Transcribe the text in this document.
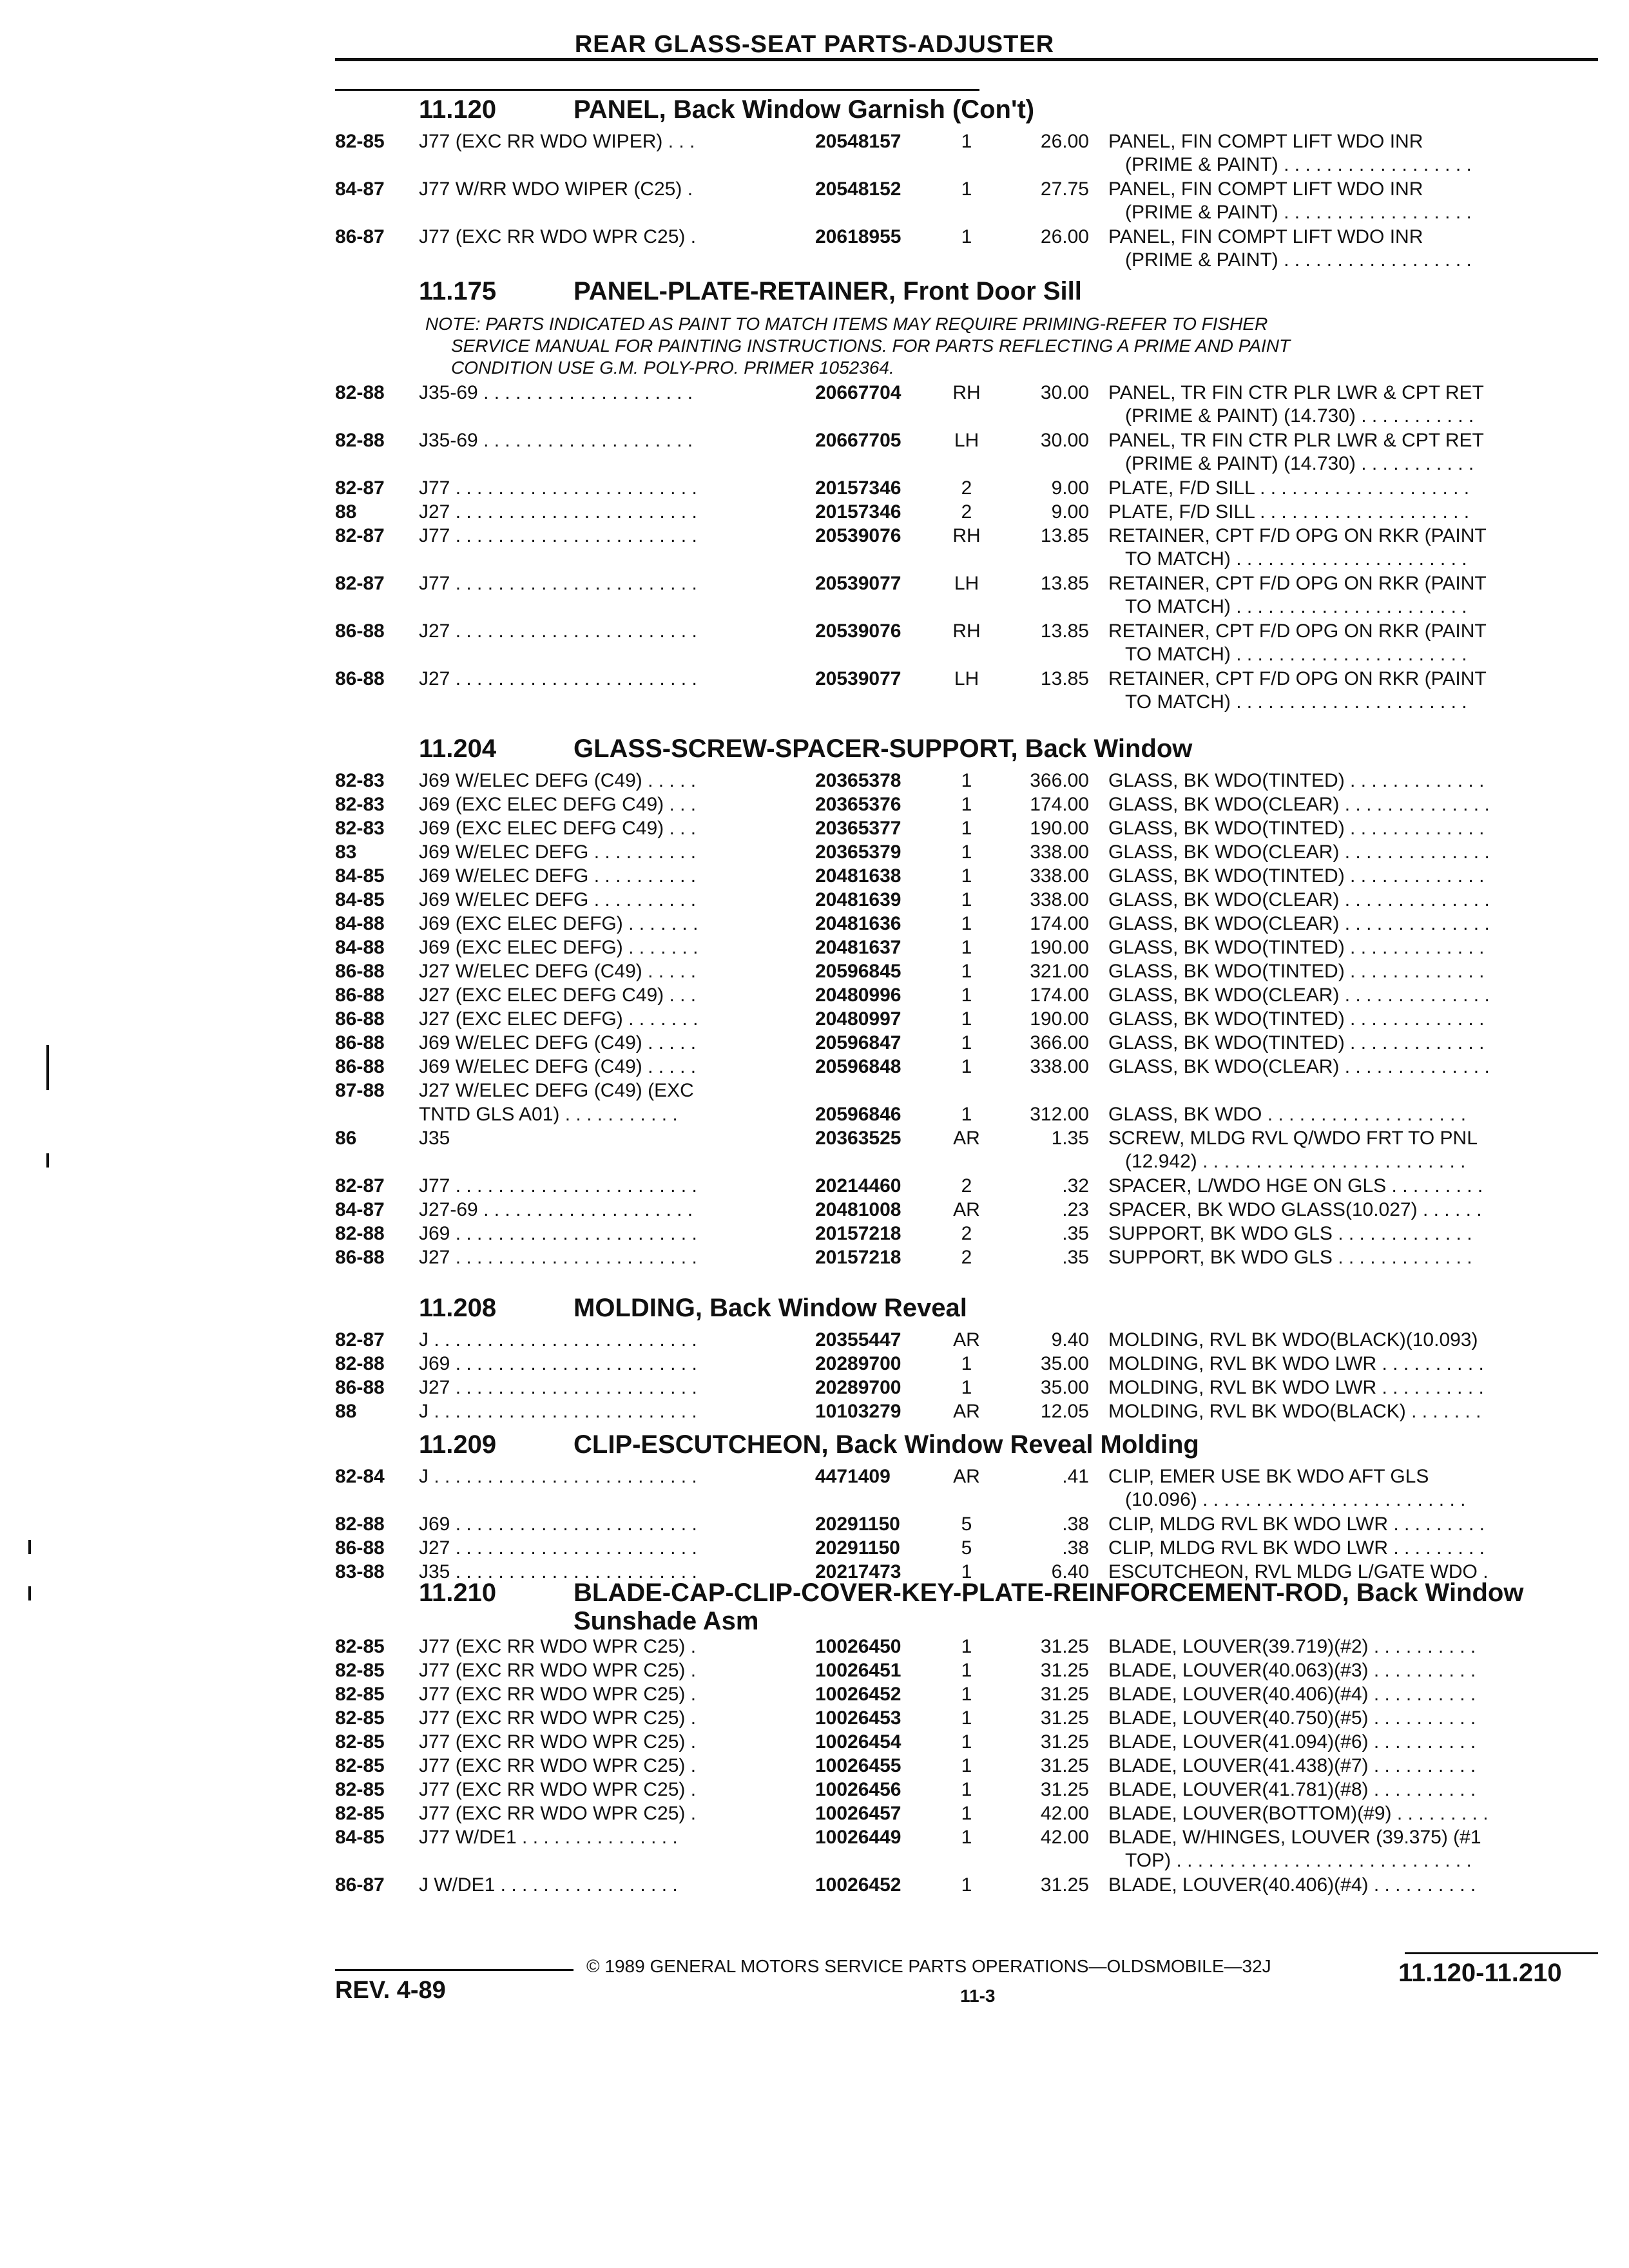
REAR GLASS-SEAT PARTS-ADJUSTER
11.120	PANEL, Back Window Garnish (Con't)
82-85	J77 (EXC RR WDO WIPER) . . .	20548157	1	26.00 PANEL, FIN COMPT LIFT WDO INR
(PRIME & PAINT) . . . . . . . . . . . . . . . . . .
84-87	J77 W/RR WDO WIPER (C25) .	20548152	1	27.75 PANEL, FIN COMPT LIFT WDO INR
(PRIME & PAINT) . . . . . . . . . . . . . . . . . .
86-87	J77 (EXC RR WDO WPR C25) .	20618955	1	26.00 PANEL, FIN COMPT LIFT WDO INR
(PRIME & PAINT) . . . . . . . . . . . . . . . . . .
11.175	PANEL-PLATE-RETAINER, Front Door Sill
NOTE: PARTS INDICATED AS PAINT TO MATCH ITEMS MAY REQUIRE PRIMING-REFER TO FISHER
SERVICE MANUAL FOR PAINTING INSTRUCTIONS. FOR PARTS REFLECTING A PRIME AND PAINT
CONDITION USE G.M. POLY-PRO. PRIMER 1052364.
82-88	J35-69 . . . . . . . . . . . . . . . . . . . .	20667704	RH	30.00 PANEL, TR FIN CTR PLR LWR & CPT RET
(PRIME & PAINT) (14.730) . . . . . . . . . . .
82-88	J35-69 . . . . . . . . . . . . . . . . . . . .	20667705	LH	30.00 PANEL, TR FIN CTR PLR LWR & CPT RET
(PRIME & PAINT) (14.730) . . . . . . . . . . .
82-87	J77 . . . . . . . . . . . . . . . . . . . . . . .	20157346	2	9.00 PLATE, F/D SILL . . . . . . . . . . . . . . . . . . . .
88	J27 . . . . . . . . . . . . . . . . . . . . . . .	20157346	2	9.00 PLATE, F/D SILL . . . . . . . . . . . . . . . . . . . .
82-87	J77 . . . . . . . . . . . . . . . . . . . . . . .	20539076	RH	13.85 RETAINER, CPT F/D OPG ON RKR (PAINT
TO MATCH) . . . . . . . . . . . . . . . . . . . . . .
82-87	J77 . . . . . . . . . . . . . . . . . . . . . . .	20539077	LH	13.85 RETAINER, CPT F/D OPG ON RKR (PAINT
TO MATCH) . . . . . . . . . . . . . . . . . . . . . .
86-88	J27 . . . . . . . . . . . . . . . . . . . . . . .	20539076	RH	13.85 RETAINER, CPT F/D OPG ON RKR (PAINT
TO MATCH) . . . . . . . . . . . . . . . . . . . . . .
86-88	J27 . . . . . . . . . . . . . . . . . . . . . . .	20539077	LH	13.85 RETAINER, CPT F/D OPG ON RKR (PAINT
TO MATCH) . . . . . . . . . . . . . . . . . . . . . .
11.204	GLASS-SCREW-SPACER-SUPPORT, Back Window
82-83	J69 W/ELEC DEFG (C49) . . . . .	20365378	1	366.00 GLASS, BK WDO(TINTED) . . . . . . . . . . . . .
82-83	J69 (EXC ELEC DEFG C49) . . .	20365376	1	174.00 GLASS, BK WDO(CLEAR) . . . . . . . . . . . . . .
82-83	J69 (EXC ELEC DEFG C49) . . .	20365377	1	190.00 GLASS, BK WDO(TINTED) . . . . . . . . . . . . .
83	J69 W/ELEC DEFG . . . . . . . . . .	20365379	1	338.00 GLASS, BK WDO(CLEAR) . . . . . . . . . . . . . .
84-85	J69 W/ELEC DEFG . . . . . . . . . .	20481638	1	338.00 GLASS, BK WDO(TINTED) . . . . . . . . . . . . .
84-85	J69 W/ELEC DEFG . . . . . . . . . .	20481639	1	338.00 GLASS, BK WDO(CLEAR) . . . . . . . . . . . . . .
84-88	J69 (EXC ELEC DEFG) . . . . . . .	20481636	1	174.00 GLASS, BK WDO(CLEAR) . . . . . . . . . . . . . .
84-88	J69 (EXC ELEC DEFG) . . . . . . .	20481637	1	190.00 GLASS, BK WDO(TINTED) . . . . . . . . . . . . .
86-88	J27 W/ELEC DEFG (C49) . . . . .	20596845	1	321.00 GLASS, BK WDO(TINTED) . . . . . . . . . . . . .
86-88	J27 (EXC ELEC DEFG C49) . . .	20480996	1	174.00 GLASS, BK WDO(CLEAR) . . . . . . . . . . . . . .
86-88	J27 (EXC ELEC DEFG) . . . . . . .	20480997	1	190.00 GLASS, BK WDO(TINTED) . . . . . . . . . . . . .
86-88	J69 W/ELEC DEFG (C49) . . . . .	20596847	1	366.00 GLASS, BK WDO(TINTED) . . . . . . . . . . . . .
86-88	J69 W/ELEC DEFG (C49) . . . . .	20596848	1	338.00 GLASS, BK WDO(CLEAR) . . . . . . . . . . . . . .
87-88	J27 W/ELEC DEFG (C49) (EXC
TNTD GLS A01) . . . . . . . . . . .	20596846	1	312.00 GLASS, BK WDO . . . . . . . . . . . . . . . . . . .
86	J35	20363525	AR	1.35 SCREW, MLDG RVL Q/WDO FRT TO PNL
(12.942) . . . . . . . . . . . . . . . . . . . . . . . . .
82-87	J77 . . . . . . . . . . . . . . . . . . . . . . .	20214460	2	.32 SPACER, L/WDO HGE ON GLS . . . . . . . . .
84-87	J27-69 . . . . . . . . . . . . . . . . . . . .	20481008	AR	.23 SPACER, BK WDO GLASS(10.027) . . . . . .
82-88	J69 . . . . . . . . . . . . . . . . . . . . . . .	20157218	2	.35 SUPPORT, BK WDO GLS . . . . . . . . . . . . .
86-88	J27 . . . . . . . . . . . . . . . . . . . . . . .	20157218	2	.35 SUPPORT, BK WDO GLS . . . . . . . . . . . . .
11.208	MOLDING, Back Window Reveal
82-87	J . . . . . . . . . . . . . . . . . . . . . . . . .	20355447	AR	9.40 MOLDING, RVL BK WDO(BLACK)(10.093)
82-88	J69 . . . . . . . . . . . . . . . . . . . . . . .	20289700	1	35.00 MOLDING, RVL BK WDO LWR . . . . . . . . . .
86-88	J27 . . . . . . . . . . . . . . . . . . . . . . .	20289700	1	35.00 MOLDING, RVL BK WDO LWR . . . . . . . . . .
88	J . . . . . . . . . . . . . . . . . . . . . . . . .	10103279	AR	12.05 MOLDING, RVL BK WDO(BLACK) . . . . . . .
11.209	CLIP-ESCUTCHEON, Back Window Reveal Molding
82-84	J . . . . . . . . . . . . . . . . . . . . . . . . .	4471409	AR	.41 CLIP, EMER USE BK WDO AFT GLS
(10.096) . . . . . . . . . . . . . . . . . . . . . . . . .
82-88	J69 . . . . . . . . . . . . . . . . . . . . . . .	20291150	5	.38 CLIP, MLDG RVL BK WDO LWR . . . . . . . . .
86-88	J27 . . . . . . . . . . . . . . . . . . . . . . .	20291150	5	.38 CLIP, MLDG RVL BK WDO LWR . . . . . . . . .
83-88	J35 . . . . . . . . . . . . . . . . . . . . . . .	20217473	1	6.40 ESCUTCHEON, RVL MLDG L/GATE WDO .
11.210	BLADE-CAP-CLIP-COVER-KEY-PLATE-REINFORCEMENT-ROD, Back Window Sunshade Asm
82-85	J77 (EXC RR WDO WPR C25) .	10026450	1	31.25 BLADE, LOUVER(39.719)(#2) . . . . . . . . . .
82-85	J77 (EXC RR WDO WPR C25) .	10026451	1	31.25 BLADE, LOUVER(40.063)(#3) . . . . . . . . . .
82-85	J77 (EXC RR WDO WPR C25) .	10026452	1	31.25 BLADE, LOUVER(40.406)(#4) . . . . . . . . . .
82-85	J77 (EXC RR WDO WPR C25) .	10026453	1	31.25 BLADE, LOUVER(40.750)(#5) . . . . . . . . . .
82-85	J77 (EXC RR WDO WPR C25) .	10026454	1	31.25 BLADE, LOUVER(41.094)(#6) . . . . . . . . . .
82-85	J77 (EXC RR WDO WPR C25) .	10026455	1	31.25 BLADE, LOUVER(41.438)(#7) . . . . . . . . . .
82-85	J77 (EXC RR WDO WPR C25) .	10026456	1	31.25 BLADE, LOUVER(41.781)(#8) . . . . . . . . . .
82-85	J77 (EXC RR WDO WPR C25) .	10026457	1	42.00 BLADE, LOUVER(BOTTOM)(#9) . . . . . . . . .
84-85	J77 W/DE1 . . . . . . . . . . . . . . .	10026449	1	42.00 BLADE, W/HINGES, LOUVER (39.375) (#1
TOP) . . . . . . . . . . . . . . . . . . . . . . . . . . . .
86-87	J W/DE1 . . . . . . . . . . . . . . . . .	10026452	1	31.25 BLADE, LOUVER(40.406)(#4) . . . . . . . . . .
© 1989 GENERAL MOTORS SERVICE PARTS OPERATIONS—OLDSMOBILE—32J
REV. 4-89	11-3
11.120-11.210
